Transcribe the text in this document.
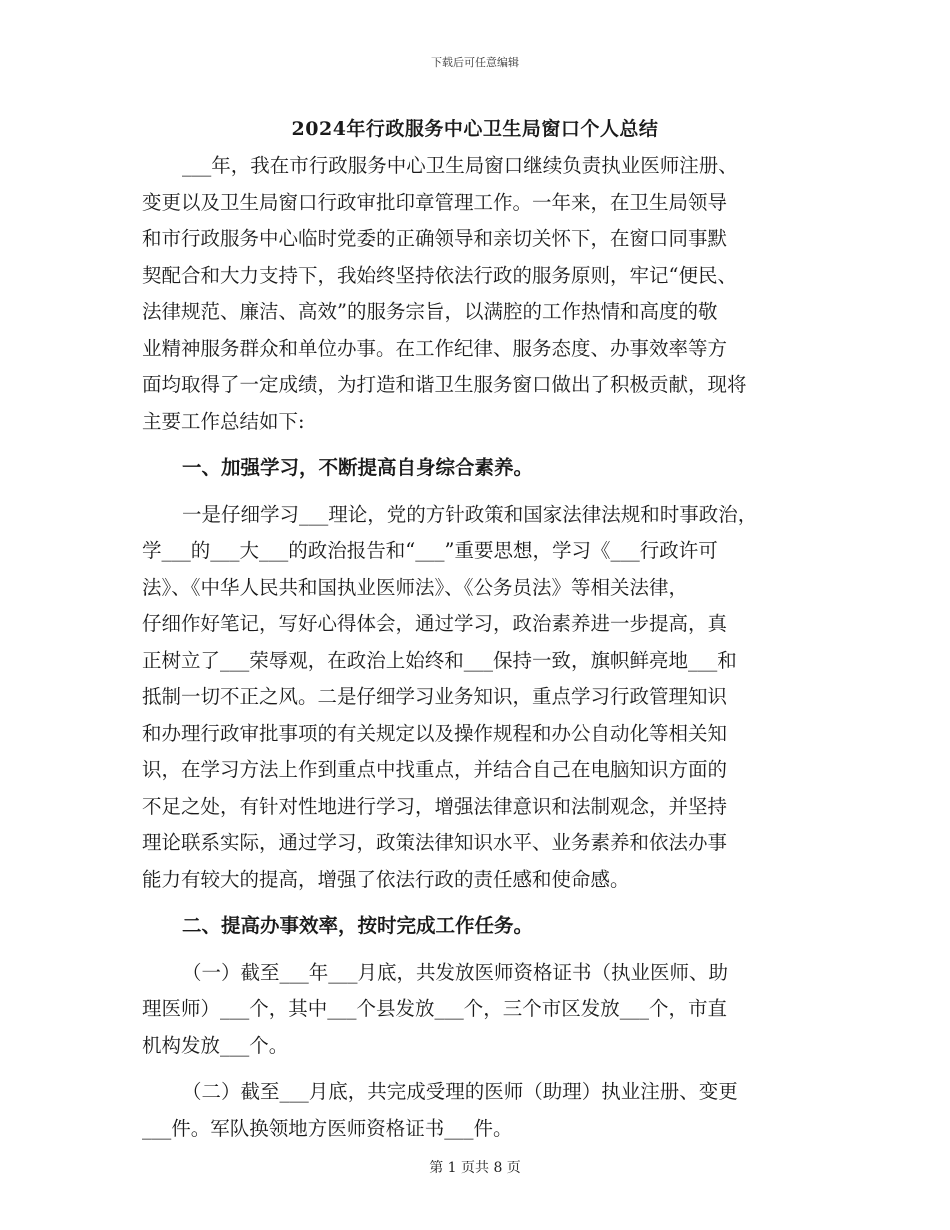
下载后可任意编辑
2024年行政服务中心卫生局窗口个人总结
___年，我在市行政服务中心卫生局窗口继续负责执业医师注册、
变更以及卫生局窗口行政审批印章管理工作。一年来，在卫生局领导
和市行政服务中心临时党委的正确领导和亲切关怀下，在窗口同事默
契配合和大力支持下，我始终坚持依法行政的服务原则，牢记“便民、
法律规范、廉洁、高效”的服务宗旨，以满腔的工作热情和高度的敬
业精神服务群众和单位办事。在工作纪律、服务态度、办事效率等方
面均取得了一定成绩，为打造和谐卫生服务窗口做出了积极贡献，现将
主要工作总结如下:
一、加强学习，不断提高自身综合素养。
一是仔细学习___理论，党的方针政策和国家法律法规和时事政治，
学___的___大___的政治报告和“___”重要思想，学习《___行政许可
法》、《中华人民共和国执业医师法》、《公务员法》等相关法律，
仔细作好笔记，写好心得体会，通过学习，政治素养进一步提高，真
正树立了___荣辱观，在政治上始终和___保持一致，旗帜鲜亮地___和
抵制一切不正之风。二是仔细学习业务知识，重点学习行政管理知识
和办理行政审批事项的有关规定以及操作规程和办公自动化等相关知
识，在学习方法上作到重点中找重点，并结合自己在电脑知识方面的
不足之处，有针对性地进行学习，增强法律意识和法制观念，并坚持
理论联系实际，通过学习，政策法律知识水平、业务素养和依法办事
能力有较大的提高，增强了依法行政的责任感和使命感。
二、提高办事效率，按时完成工作任务。
（一）截至___年___月底，共发放医师资格证书（执业医师、助
理医师）___个，其中___个县发放___个，三个市区发放___个，市直
机构发放___个。
（二）截至___月底，共完成受理的医师（助理）执业注册、变更
___件。军队换领地方医师资格证书___件。
第 1 页共 8 页
